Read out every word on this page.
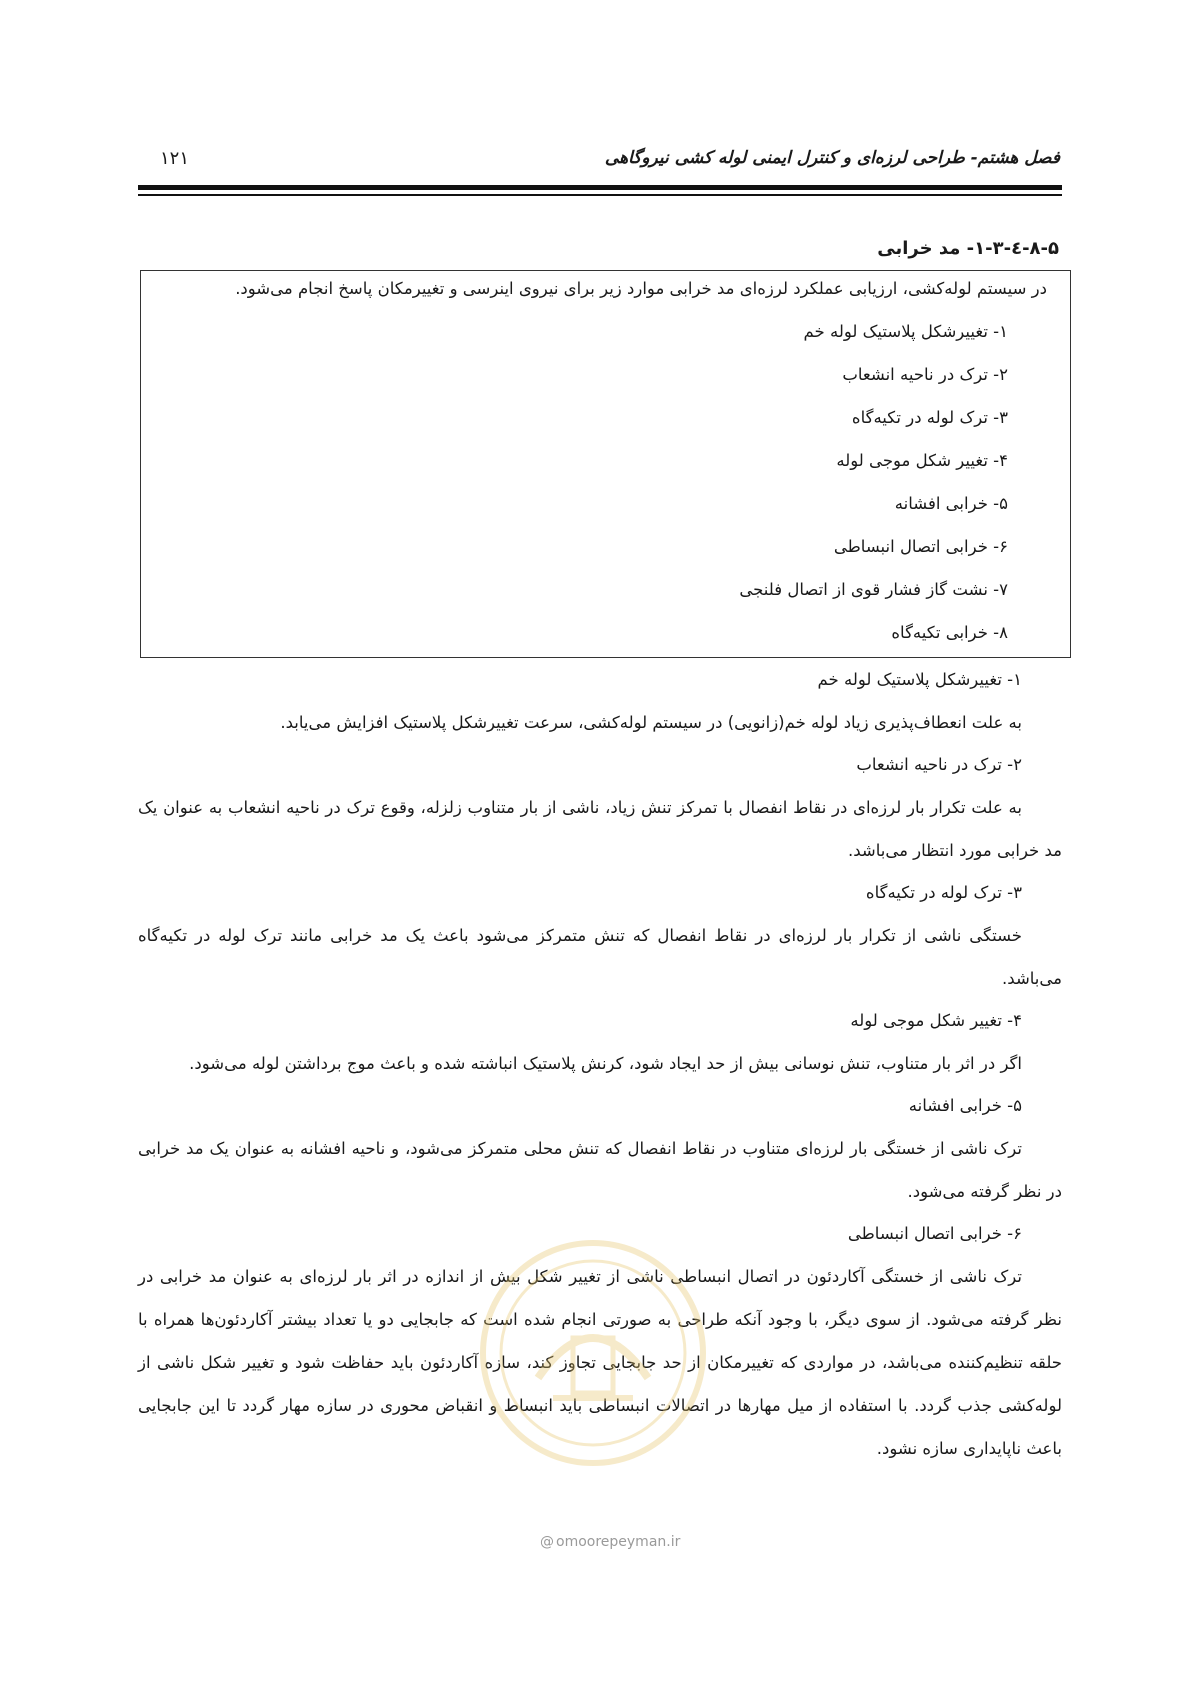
فصل هشتم- طراحی لرزه‌ای و کنترل ایمنی لوله کشی نیروگاهی
۱۲۱
۸-۵-٤-۱-۳- مد خرابی
در سیستم لوله‌کشی، ارزیابی عملکرد لرزه‌ای مد خرابی موارد زیر برای نیروی اینرسی و تغییرمکان پاسخ انجام می‌شود.
۱- تغییرشکل پلاستیک لوله خم
۲- ترک در ناحیه انشعاب
۳- ترک لوله در تکیه‌گاه
۴- تغییر شکل موجی لوله
۵- خرابی افشانه
۶- خرابی اتصال انبساطی
۷- نشت گاز فشار قوی از اتصال فلنجی
۸- خرابی تکیه‌گاه
۱- تغییرشکل پلاستیک لوله خم
به علت انعطاف‌پذیری زیاد لوله خم(زانویی) در سیستم لوله‌کشی، سرعت تغییرشکل پلاستیک افزایش می‌یابد.
۲- ترک در ناحیه انشعاب
به علت تکرار بار لرزه‌ای در نقاط انفصال با تمرکز تنش زیاد، ناشی از بار متناوب زلزله، وقوع ترک در ناحیه انشعاب به عنوان یک مد خرابی مورد انتظار می‌باشد.
۳- ترک لوله در تکیه‌گاه
خستگی ناشی از تکرار بار لرزه‌ای در نقاط انفصال که تنش متمرکز می‌شود باعث یک مد خرابی مانند ترک لوله در تکیه‌گاه می‌باشد.
۴- تغییر شکل موجی لوله
اگر در اثر بار متناوب، تنش نوسانی بیش از حد ایجاد شود، کرنش پلاستیک انباشته شده و باعث موج برداشتن لوله می‌شود.
۵- خرابی افشانه
ترک ناشی از خستگی بار لرزه‌ای متناوب در نقاط انفصال که تنش محلی متمرکز می‌شود، و ناحیه افشانه به عنوان یک مد خرابی در نظر گرفته می‌شود.
۶- خرابی اتصال انبساطی
ترک ناشی از خستگی آکاردئون در اتصال انبساطی ناشی از تغییر شکل بیش از اندازه در اثر بار لرزه‌ای به عنوان مد خرابی در نظر گرفته می‌شود. از سوی دیگر، با وجود آنکه طراحی به صورتی انجام شده است که جابجایی دو یا تعداد بیشتر آکاردئون‌ها همراه با حلقه تنظیم‌کننده می‌باشد، در مواردی که تغییرمکان از حد جابجایی تجاوز کند، سازه آکاردئون باید حفاظت شود و تغییر شکل ناشی از لوله‌کشی جذب گردد. با استفاده از میل مهارها در اتصالات انبساطی باید انبساط و انقباض محوری در سازه مهار گردد تا این جابجایی باعث ناپایداری سازه نشود.
@ omoorepeyman.ir
